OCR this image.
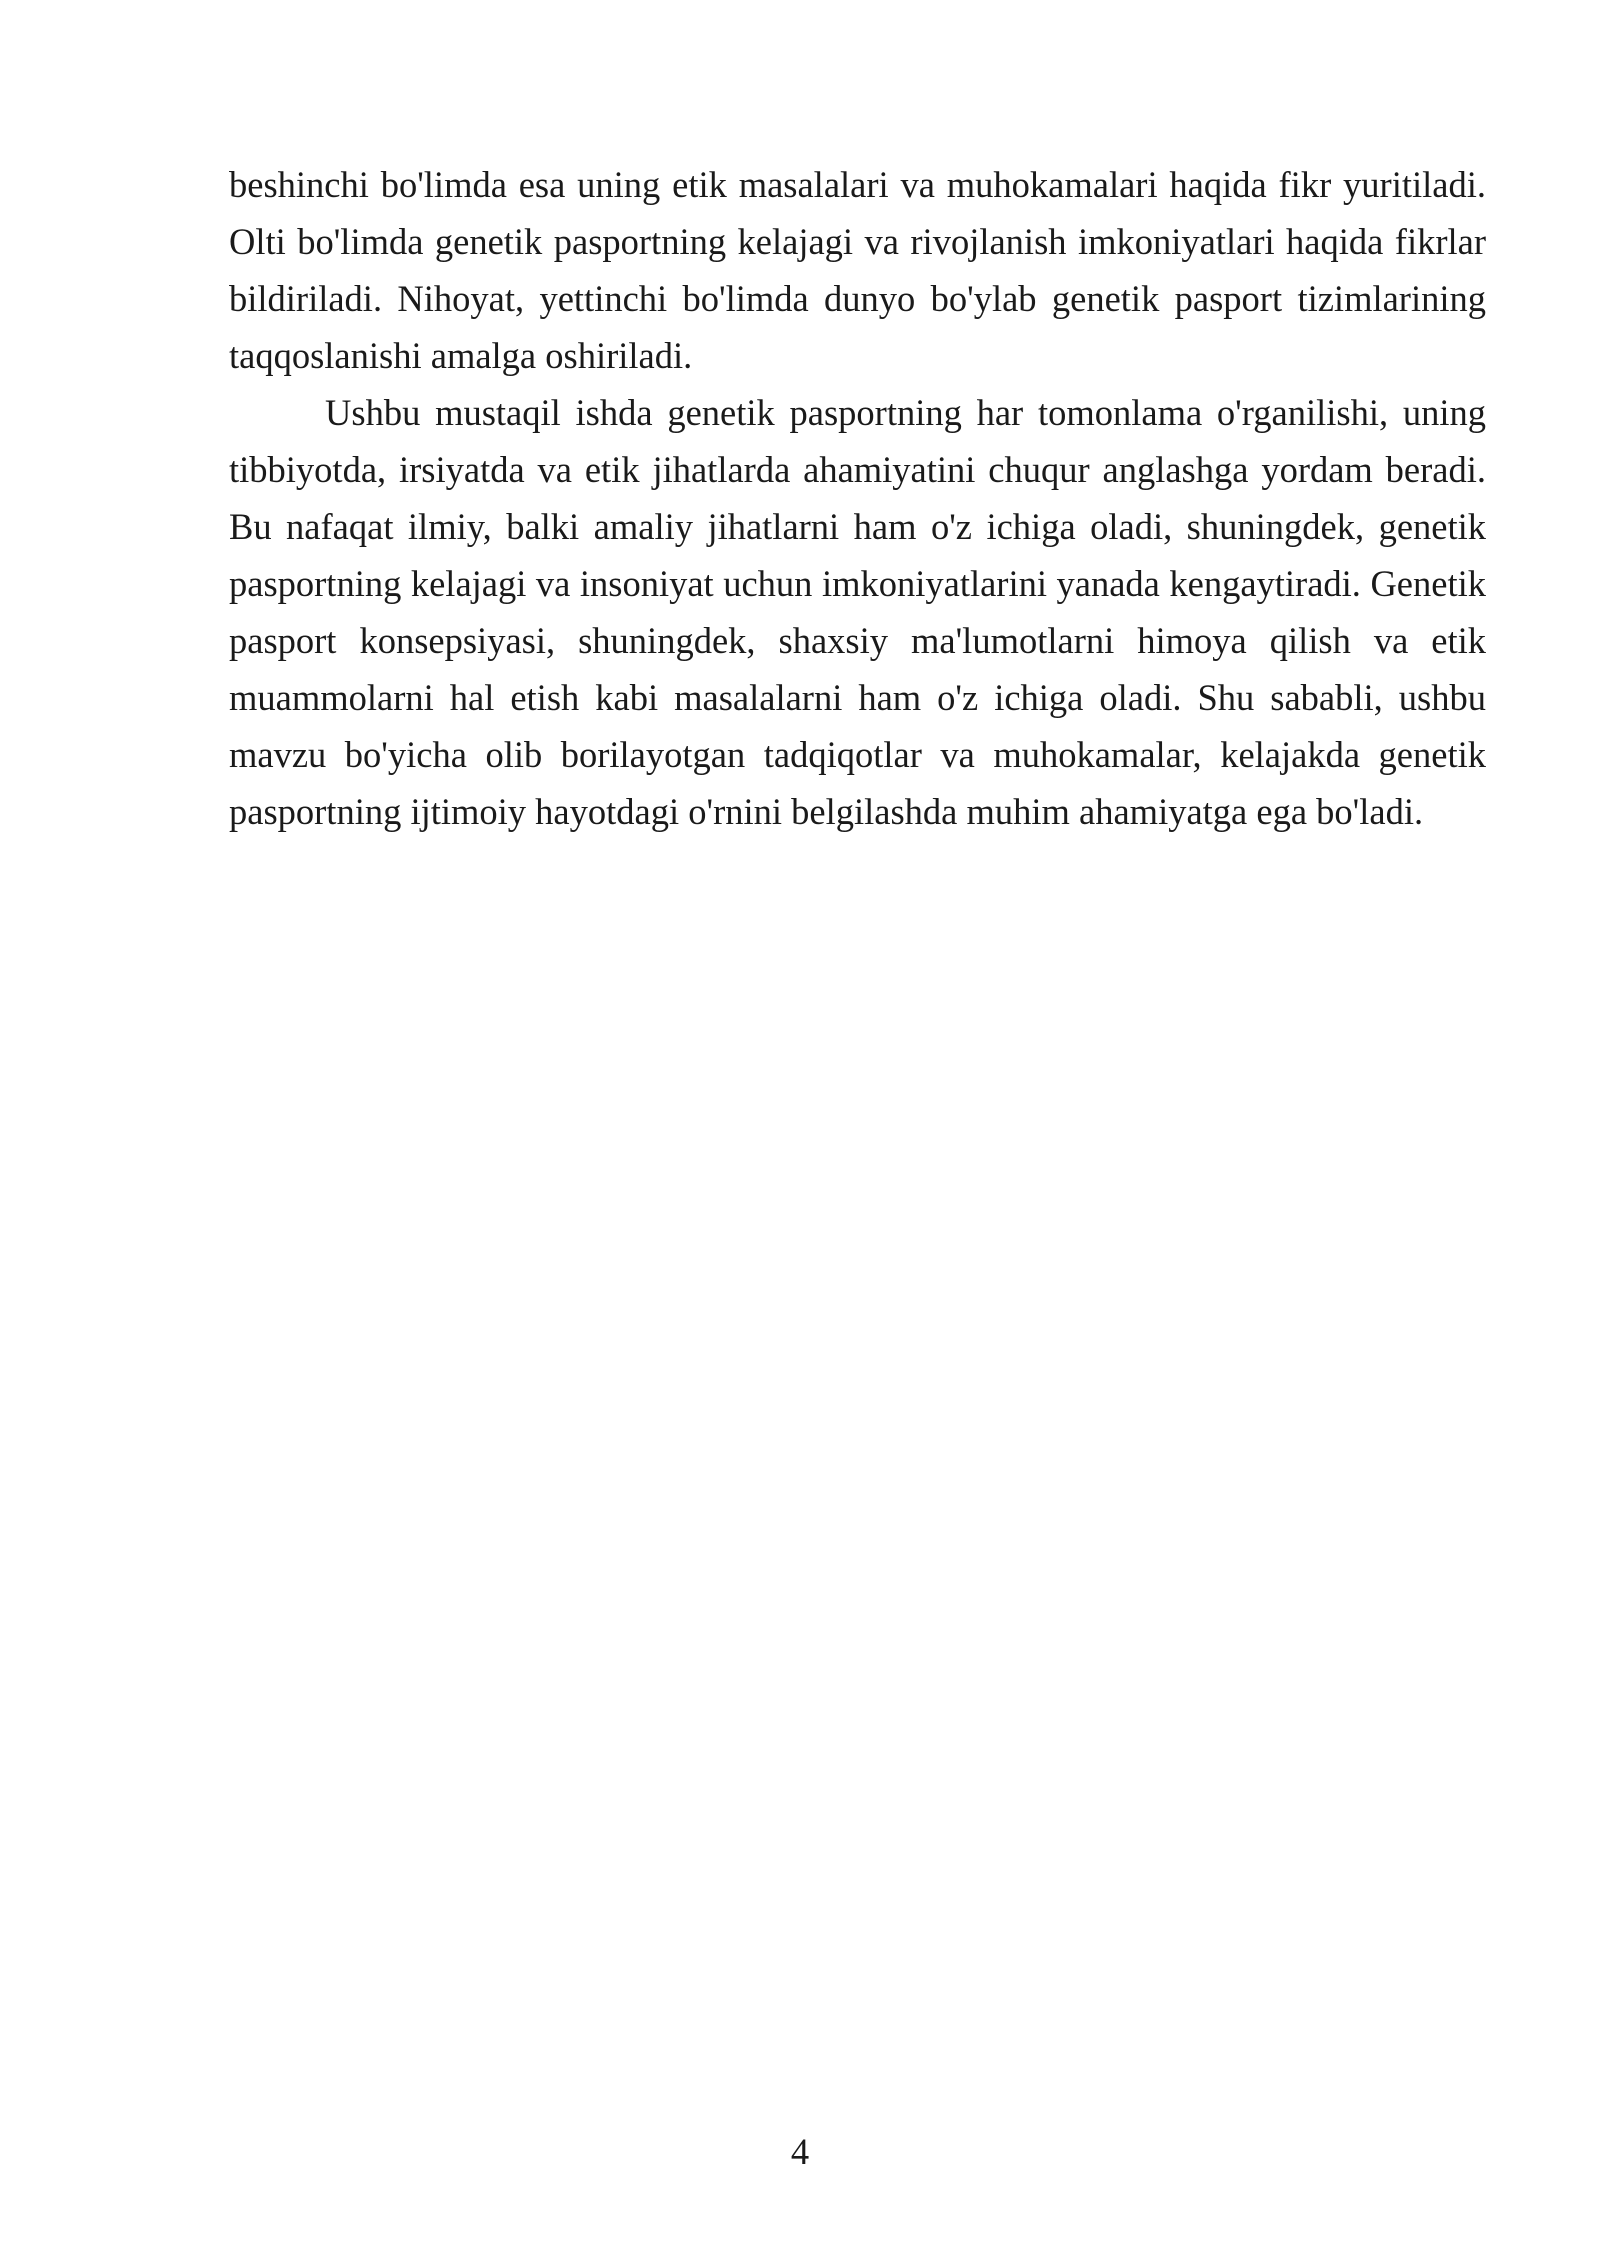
beshinchi bo'limda esa uning etik masalalari va muhokamalari haqida fikr yuritiladi. Olti bo'limda genetik pasportning kelajagi va rivojlanish imkoniyatlari haqida fikrlar bildiriladi. Nihoyat, yettinchi bo'limda dunyo bo'ylab genetik pasport tizimlarining taqqoslanishi amalga oshiriladi.

Ushbu mustaqil ishda genetik pasportning har tomonlama o'rganilishi, uning tibbiyotda, irsiyatda va etik jihatlarda ahamiyatini chuqur anglashga yordam beradi. Bu nafaqat ilmiy, balki amaliy jihatlarni ham o'z ichiga oladi, shuningdek, genetik pasportning kelajagi va insoniyat uchun imkoniyatlarini yanada kengaytiradi. Genetik pasport konsepsiyasi, shuningdek, shaxsiy ma'lumotlarni himoya qilish va etik muammolarni hal etish kabi masalalarni ham o'z ichiga oladi. Shu sababli, ushbu mavzu bo'yicha olib borilayotgan tadqiqotlar va muhokamalar, kelajakda genetik pasportning ijtimoiy hayotdagi o'rnini belgilashda muhim ahamiyatga ega bo'ladi.

4
